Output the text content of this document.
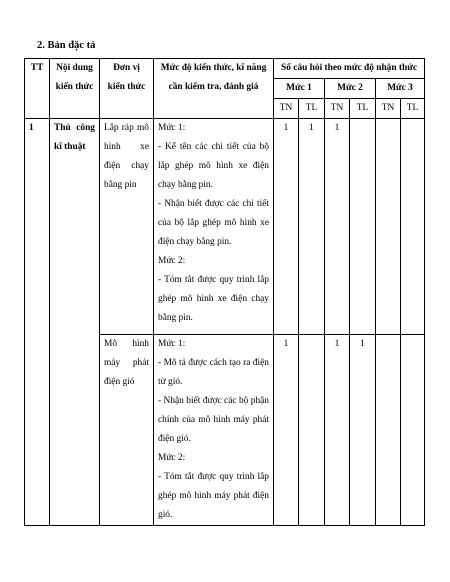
2. Bản đặc tả
TT	Nội dung kiến thức	Đơn vị kiến thức	Mức độ kiến thức, kĩ năng cần kiểm tra, đánh giá	Số câu hỏi theo mức độ nhận thức					
				Mức 1		Mức 2		Mức 3	
				TN	TL	TN	TL	TN	TL
1	Thủ công kĩ thuật	Lắp ráp mô hình xe điện chạy bằng pin	Mức 1:
- Kể tên các chi tiết của bộ lắp ghép mô hình xe điện chạy bằng pin.
- Nhận biết được các chi tiết của bộ lắp ghép mô hình xe điện chạy bằng pin.
Mức 2:
- Tóm tắt được quy trình lắp ghép mô hình xe điện chạy bằng pin.	1	1	1			
		Mô hình máy phát điện gió	Mức 1:
- Mô tả được cách tạo ra điện từ gió.
- Nhận biết được các bộ phận chính của mô hình máy phát điện gió.
Mức 2:
- Tóm tắt được quy trình lắp ghép mô hình máy phát điện gió.	1		1	1		
